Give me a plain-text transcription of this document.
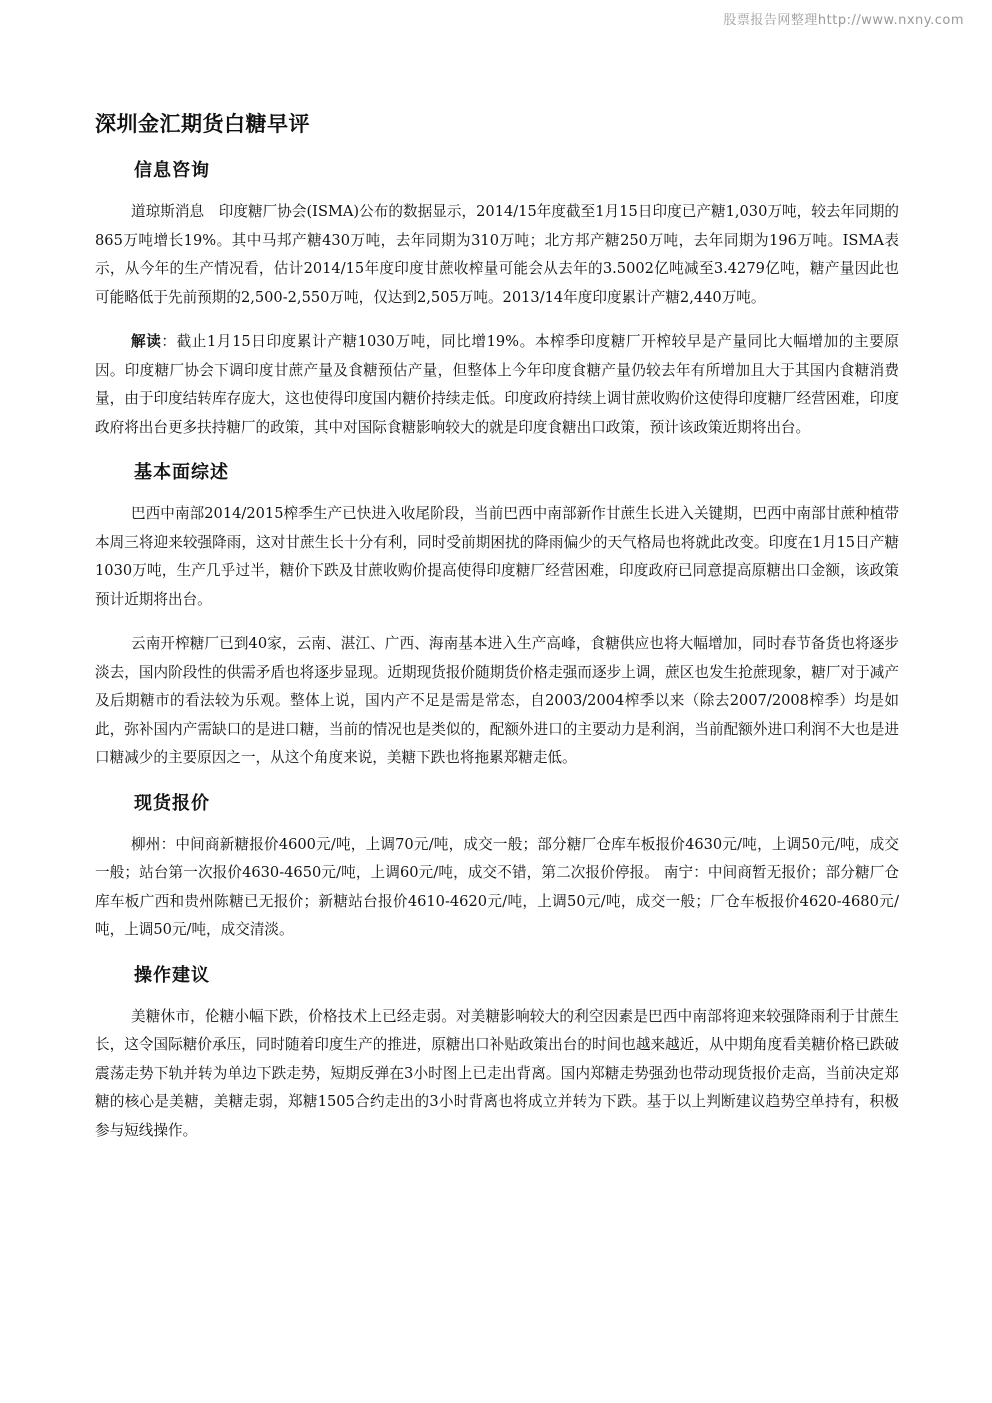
股票报告网整理http://www.nxny.com
深圳金汇期货白糖早评
信息咨询

道琼斯消息　印度糖厂协会(ISMA)公布的数据显示，2014/15年度截至1月15日印度已产糖1,030万吨，较去年同期的865万吨增长19%。其中马邦产糖430万吨，去年同期为310万吨；北方邦产糖250万吨，去年同期为196万吨。ISMA表示，从今年的生产情况看，估计2014/15年度印度甘蔗收榨量可能会从去年的3.5002亿吨减至3.4279亿吨，糖产量因此也可能略低于先前预期的2,500-2,550万吨，仅达到2,505万吨。2013/14年度印度累计产糖2,440万吨。

解读：截止1月15日印度累计产糖1030万吨，同比增19%。本榨季印度糖厂开榨较早是产量同比大幅增加的主要原因。印度糖厂协会下调印度甘蔗产量及食糖预估产量，但整体上今年印度食糖产量仍较去年有所增加且大于其国内食糖消费量，由于印度结转库存庞大，这也使得印度国内糖价持续走低。印度政府持续上调甘蔗收购价这使得印度糖厂经营困难，印度政府将出台更多扶持糖厂的政策，其中对国际食糖影响较大的就是印度食糖出口政策，预计该政策近期将出台。

基本面综述

巴西中南部2014/2015榨季生产已快进入收尾阶段，当前巴西中南部新作甘蔗生长进入关键期，巴西中南部甘蔗种植带本周三将迎来较强降雨，这对甘蔗生长十分有利，同时受前期困扰的降雨偏少的天气格局也将就此改变。印度在1月15日产糖1030万吨，生产几乎过半，糖价下跌及甘蔗收购价提高使得印度糖厂经营困难，印度政府已同意提高原糖出口金额，该政策预计近期将出台。

云南开榨糖厂已到40家，云南、湛江、广西、海南基本进入生产高峰，食糖供应也将大幅增加，同时春节备货也将逐步淡去，国内阶段性的供需矛盾也将逐步显现。近期现货报价随期货价格走强而逐步上调，蔗区也发生抢蔗现象，糖厂对于减产及后期糖市的看法较为乐观。整体上说，国内产不足是需是常态，自2003/2004榨季以来（除去2007/2008榨季）均是如此，弥补国内产需缺口的是进口糖，当前的情况也是类似的，配额外进口的主要动力是利润，当前配额外进口利润不大也是进口糖减少的主要原因之一，从这个角度来说，美糖下跌也将拖累郑糖走低。

现货报价

柳州：中间商新糖报价4600元/吨，上调70元/吨，成交一般；部分糖厂仓库车板报价4630元/吨，上调50元/吨，成交一般；站台第一次报价4630-4650元/吨，上调60元/吨，成交不错，第二次报价停报。 南宁：中间商暂无报价；部分糖厂仓库车板广西和贵州陈糖已无报价；新糖站台报价4610-4620元/吨，上调50元/吨，成交一般；厂仓车板报价4620-4680元/吨，上调50元/吨，成交清淡。

操作建议

美糖休市，伦糖小幅下跌，价格技术上已经走弱。对美糖影响较大的利空因素是巴西中南部将迎来较强降雨利于甘蔗生长，这令国际糖价承压，同时随着印度生产的推进，原糖出口补贴政策出台的时间也越来越近，从中期角度看美糖价格已跌破震荡走势下轨并转为单边下跌走势，短期反弹在3小时图上已走出背离。国内郑糖走势强劲也带动现货报价走高，当前决定郑糖的核心是美糖，美糖走弱，郑糖1505合约走出的3小时背离也将成立并转为下跌。基于以上判断建议趋势空单持有，积极参与短线操作。
